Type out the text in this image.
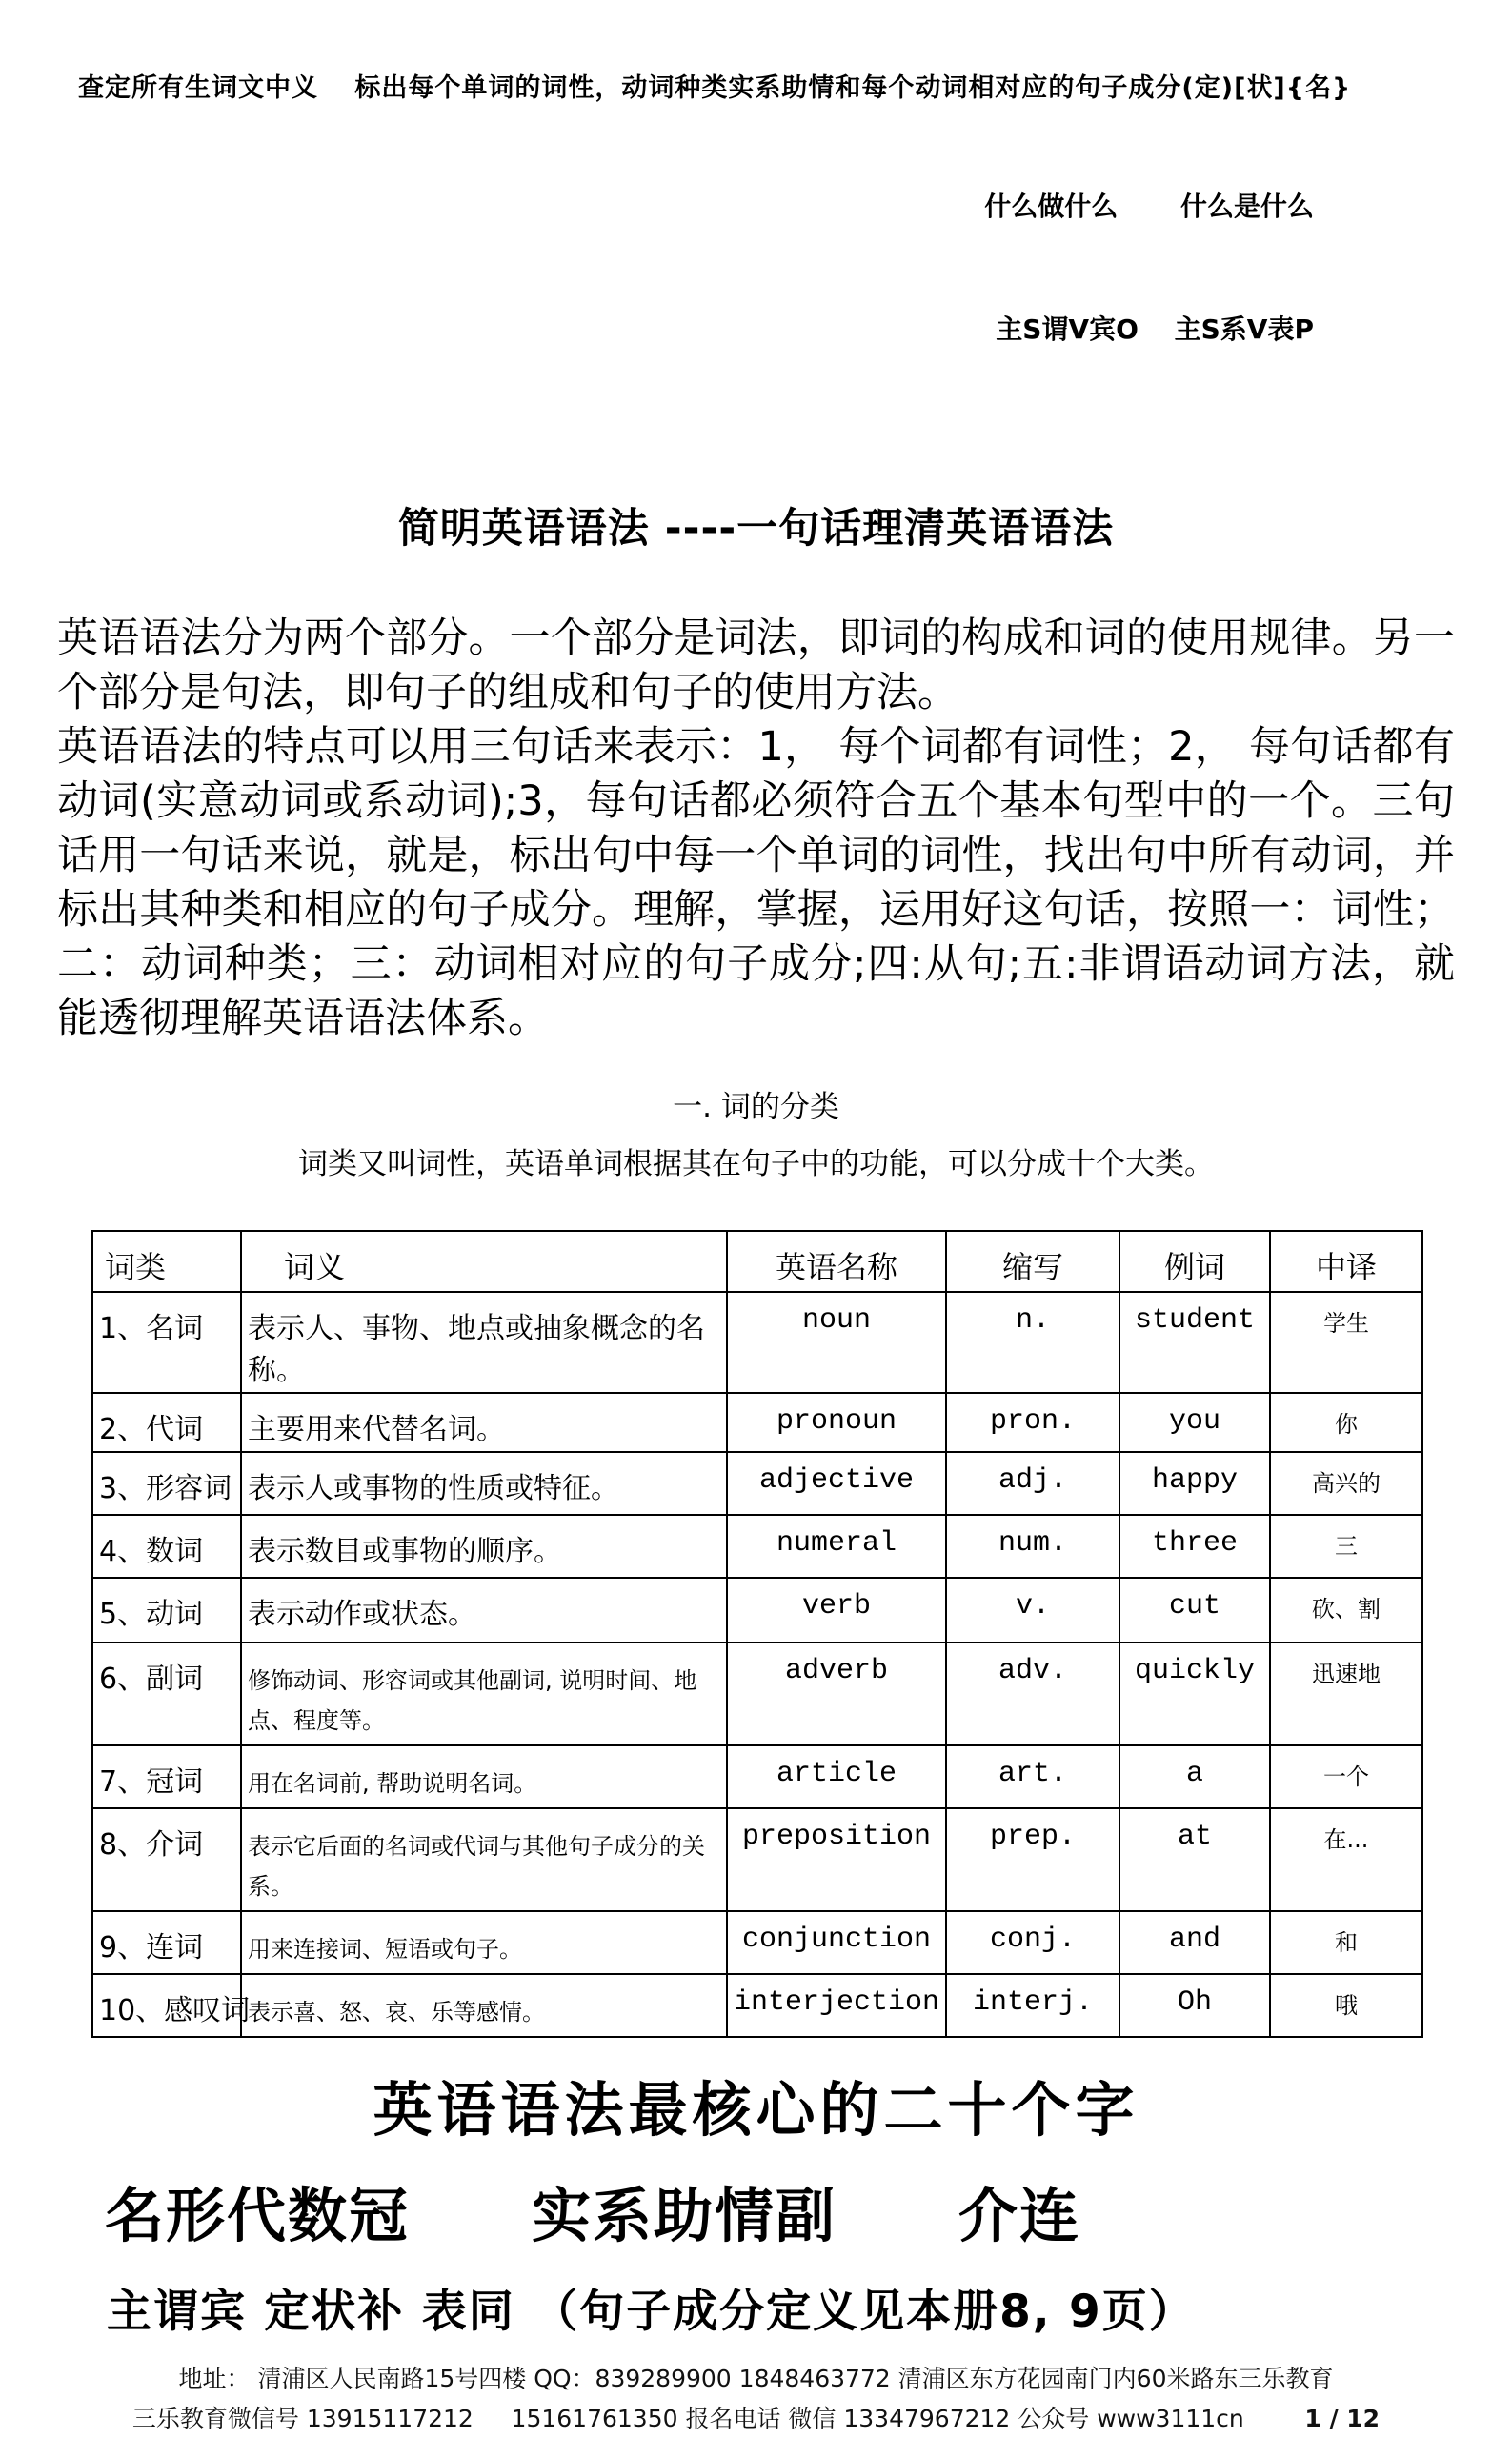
查定所有生词文中义　 标出每个单词的词性，动词种类实系助情和每个动词相对应的句子成分(定)[状]{名}

什么做什么　　 什么是什么

主S谓V宾O　 主S系V表P

简明英语语法 ----一句话理清英语语法

英语语法分为两个部分。一个部分是词法，即词的构成和词的使用规律。另一个部分是句法，即句子的组成和句子的使用方法。

英语语法的特点可以用三句话来表示：1， 每个词都有词性；2， 每句话都有动词(实意动词或系动词);3，每句话都必须符合五个基本句型中的一个。三句话用一句话来说，就是，标出句中每一个单词的词性，找出句中所有动词，并标出其种类和相应的句子成分。理解，掌握，运用好这句话，按照一：词性；二：动词种类；三：动词相对应的句子成分;四:从句;五:非谓语动词方法，就能透彻理解英语语法体系。

一. 词的分类
词类又叫词性，英语单词根据其在句子中的功能，可以分成十个大类。
词类	词义	英语名称	缩写	例词	中译
1、名词	表示人、事物、地点或抽象概念的名称。	noun	n.	student	学生
2、代词	主要用来代替名词。	pronoun	pron.	you	你
3、形容词	表示人或事物的性质或特征。	adjective	adj.	happy	高兴的
4、数词	表示数目或事物的顺序。	numeral	num.	three	三
5、动词	表示动作或状态。	verb	v.	cut	砍、割
6、副词	修饰动词、形容词或其他副词, 说明时间、地点、程度等。	adverb	adv.	quickly	迅速地
7、冠词	用在名词前, 帮助说明名词。	article	art.	a	一个
8、介词	表示它后面的名词或代词与其他句子成分的关系。	preposition	prep.	at	在...
9、连词	用来连接词、短语或句子。	conjunction	conj.	and	和
10、感叹词	表示喜、怒、哀、乐等感情。	interjection	interj.	Oh	哦
英语语法最核心的二十个字
名形代数冠　　实系助情副　　介连
主谓宾 定状补 表同 （句子成分定义见本册8, 9页）
地址： 清浦区人民南路15号四楼 QQ：839289900 1848463772 清浦区东方花园南门内60米路东三乐教育
三乐教育微信号 13915117212     15161761350 报名电话 微信 13347967212 公众号 www3111cn	1 / 12
